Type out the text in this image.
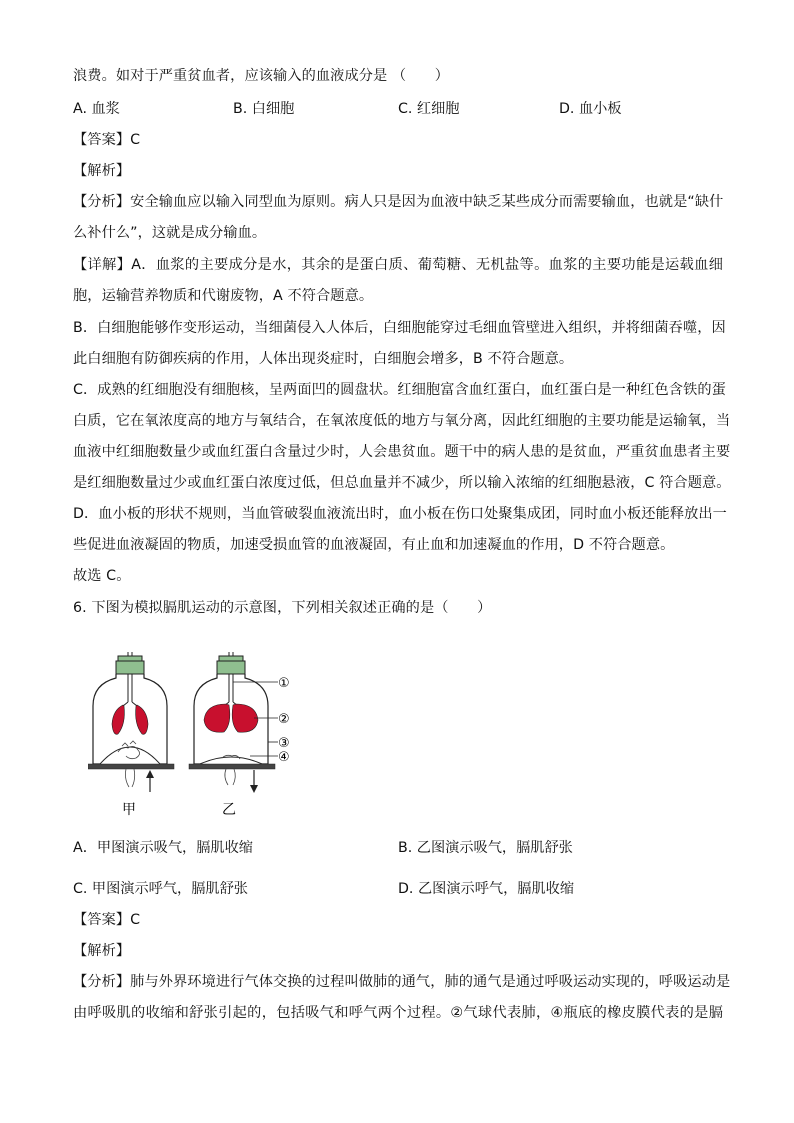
浪费。如对于严重贫血者，应该输入的血液成分是 （　　）
A. 血浆	B. 白细胞	C. 红细胞	D. 血小板
【答案】C
【解析】
【分析】安全输血应以输入同型血为原则。病人只是因为血液中缺乏某些成分而需要输血，也就是“缺什
么补什么”，这就是成分输血。
【详解】A．血浆的主要成分是水，其余的是蛋白质、葡萄糖、无机盐等。血浆的主要功能是运载血细
胞，运输营养物质和代谢废物，A 不符合题意。
B．白细胞能够作变形运动，当细菌侵入人体后，白细胞能穿过毛细血管壁进入组织，并将细菌吞噬，因
此白细胞有防御疾病的作用，人体出现炎症时，白细胞会增多，B 不符合题意。
C．成熟的红细胞没有细胞核，呈两面凹的圆盘状。红细胞富含血红蛋白，血红蛋白是一种红色含铁的蛋
白质，它在氧浓度高的地方与氧结合，在氧浓度低的地方与氧分离，因此红细胞的主要功能是运输氧，当
血液中红细胞数量少或血红蛋白含量过少时，人会患贫血。题干中的病人患的是贫血，严重贫血患者主要
是红细胞数量过少或血红蛋白浓度过低，但总血量并不减少，所以输入浓缩的红细胞悬液，C 符合题意。
D．血小板的形状不规则，当血管破裂血液流出时，血小板在伤口处聚集成团，同时血小板还能释放出一
些促进血液凝固的物质，加速受损血管的血液凝固，有止血和加速凝血的作用，D 不符合题意。
故选 C。
6. 下图为模拟膈肌运动的示意图，下列相关叙述正确的是（　　）
①
②
③
④
甲	乙
A．甲图演示吸气，膈肌收缩	B. 乙图演示吸气，膈肌舒张
C. 甲图演示呼气，膈肌舒张	D. 乙图演示呼气，膈肌收缩
【答案】C
【解析】
【分析】肺与外界环境进行气体交换的过程叫做肺的通气，肺的通气是通过呼吸运动实现的，呼吸运动是
由呼吸肌的收缩和舒张引起的，包括吸气和呼气两个过程。②气球代表肺，④瓶底的橡皮膜代表的是膈
